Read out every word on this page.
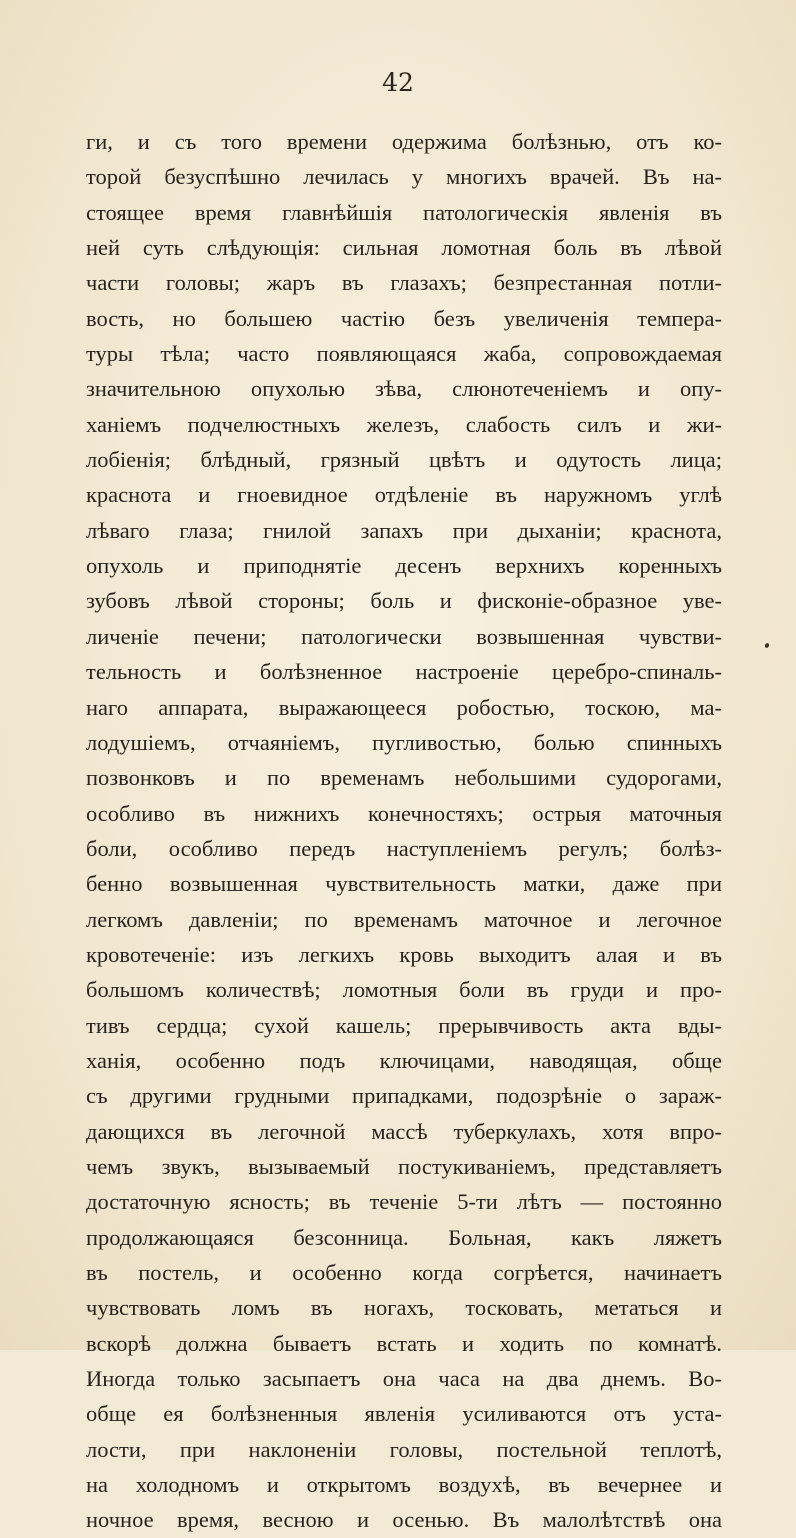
42
ги, и съ того времени одержима болѣзнью, отъ ко-
торой безуспѣшно лечилась у многихъ врачей. Въ на-
стоящее время главнѣйшія патологическія явленія въ
ней суть слѣдующія: сильная ломотная боль въ лѣвой
части головы; жаръ въ глазахъ; безпрестанная потли-
вость, но большею частію безъ увеличенія темпера-
туры тѣла; часто появляющаяся жаба, сопровождаемая
значительною опухолью зѣва, слюнотеченіемъ и опу-
ханіемъ подчелюстныхъ железъ, слабость силъ и жи-
лобіенія; блѣдный, грязный цвѣтъ и одутость лица;
краснота и гноевидное отдѣленіе въ наружномъ углѣ
лѣваго глаза; гнилой запахъ при дыханіи; краснота,
опухоль и приподнятіе десенъ верхнихъ коренныхъ
зубовъ лѣвой стороны; боль и фисконіе-образное уве-
личеніе печени; патологически возвышенная чувстви-
тельность и болѣзненное настроеніе церебро-спиналь-
наго аппарата, выражающееся робостью, тоскою, ма-
лодушіемъ, отчаяніемъ, пугливостью, болью спинныхъ
позвонковъ и по временамъ небольшими судорогами,
особливо въ нижнихъ конечностяхъ; острыя маточныя
боли, особливо передъ наступленіемъ регулъ; болѣз-
бенно возвышенная чувствительность матки, даже при
легкомъ давленіи; по временамъ маточное и легочное
кровотеченіе: изъ легкихъ кровь выходитъ алая и въ
большомъ количествѣ; ломотныя боли въ груди и про-
тивъ сердца; сухой кашель; прерывчивость акта вды-
ханія, особенно подъ ключицами, наводящая, обще
съ другими грудными припадками, подозрѣніе о зараж-
дающихся въ легочной массѣ туберкулахъ, хотя впро-
чемъ звукъ, вызываемый постукиваніемъ, представляетъ
достаточную ясность; въ теченіе 5-ти лѣтъ — постоянно
продолжающаяся безсонница. Больная, какъ ляжетъ
въ постель, и особенно когда согрѣется, начинаетъ
чувствовать ломъ въ ногахъ, тосковать, метаться и
вскорѣ должна бываетъ встать и ходить по комнатѣ.
Иногда только засыпаетъ она часа на два днемъ. Во-
обще ея болѣзненныя явленія усиливаются отъ уста-
лости, при наклоненіи головы, постельной теплотѣ,
на холодномъ и открытомъ воздухѣ, въ вечернее и
ночное время, весною и осенью. Въ малолѣтствѣ она
